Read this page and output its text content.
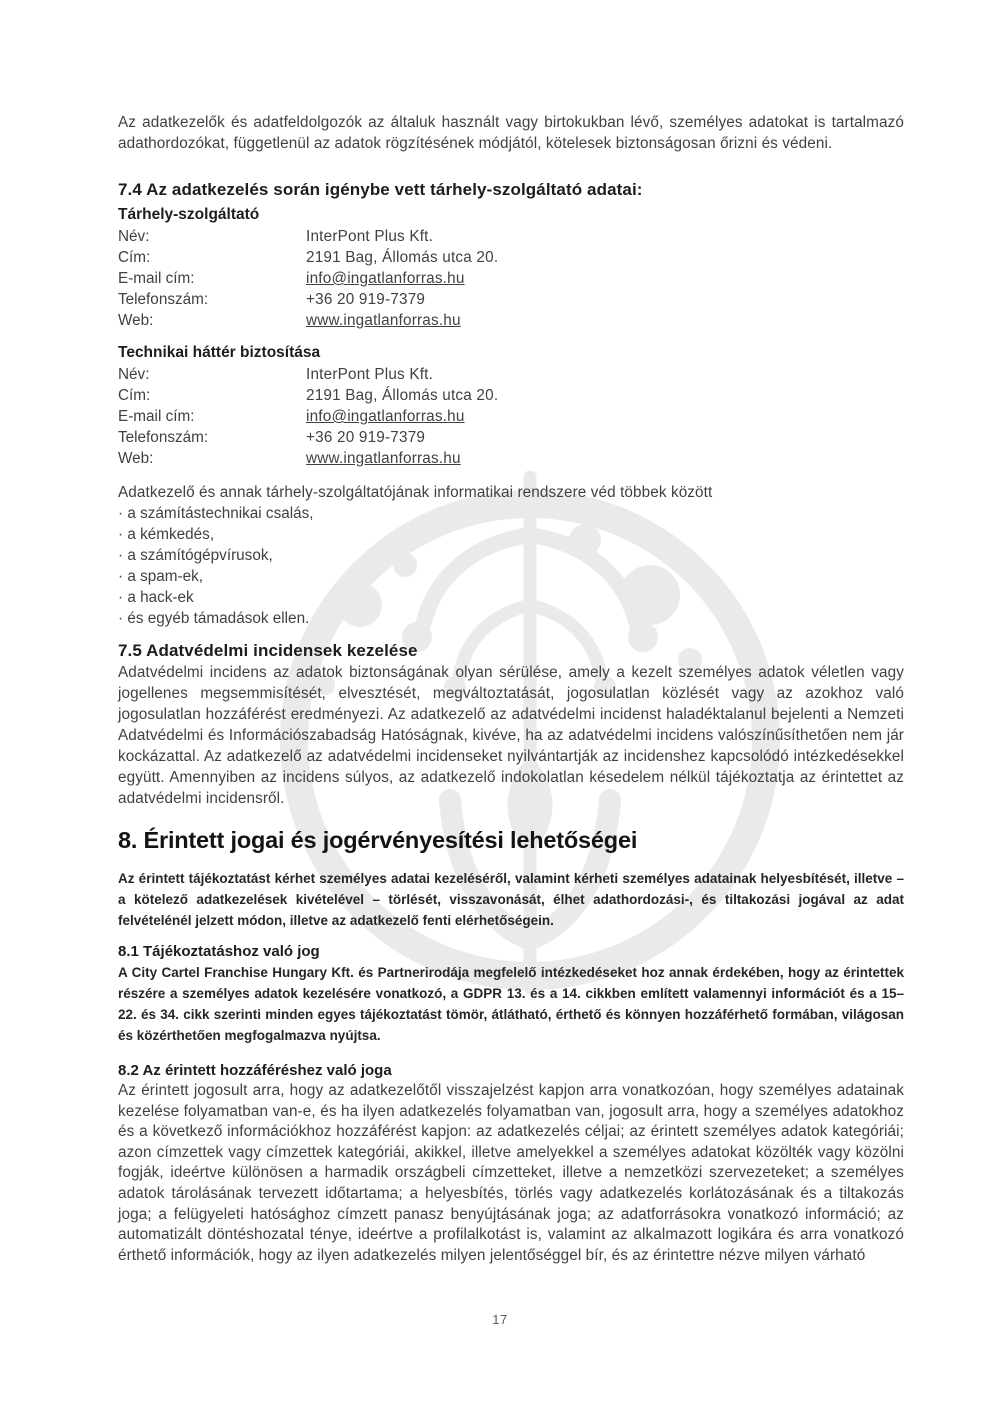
Az adatkezelők és adatfeldolgozók az általuk használt vagy birtokukban lévő, személyes adatokat is tartalmazó adathordozókat, függetlenül az adatok rögzítésének módjától, kötelesek biztonságosan őrizni és védeni.

7.4 Az adatkezelés során igénybe vett tárhely-szolgáltató adatai:
Tárhely-szolgáltató
Név:	InterPont Plus Kft.
Cím:	2191 Bag, Állomás utca 20.
E-mail cím:	info@ingatlanforras.hu
Telefonszám:	+36 20 919-7379
Web:	www.ingatlanforras.hu
Technikai háttér biztosítása
Név:	InterPont Plus Kft.
Cím:	2191 Bag, Állomás utca 20.
E-mail cím:	info@ingatlanforras.hu
Telefonszám:	+36 20 919-7379
Web:	www.ingatlanforras.hu

Adatkezelő és annak tárhely-szolgáltatójának informatikai rendszere véd többek között

· a számítástechnikai csalás,
· a kémkedés,
· a számítógépvírusok,
· a spam-ek,
· a hack-ek
· és egyéb támadások ellen.
7.5 Adatvédelmi incidensek kezelése

Adatvédelmi incidens az adatok biztonságának olyan sérülése, amely a kezelt személyes adatok véletlen vagy jogellenes megsemmisítését, elvesztését, megváltoztatását, jogosulatlan közlését vagy az azokhoz való jogosulatlan hozzáférést eredményezi. Az adatkezelő az adatvédelmi incidenst haladéktalanul bejelenti a Nemzeti Adatvédelmi és Információszabadság Hatóságnak, kivéve, ha az adatvédelmi incidens valószínűsíthetően nem jár kockázattal. Az adatkezelő az adatvédelmi incidenseket nyilvántartják az incidenshez kapcsolódó intézkedésekkel együtt. Amennyiben az incidens súlyos, az adatkezelő indokolatlan késedelem nélkül tájékoztatja az érintettet az adatvédelmi incidensről.

8. Érintett jogai és jogérvényesítési lehetőségei

Az érintett tájékoztatást kérhet személyes adatai kezeléséről, valamint kérheti személyes adatainak helyesbítését, illetve – a kötelező adatkezelések kivételével – törlését, visszavonását, élhet adathordozási-, és tiltakozási jogával az adat felvételénél jelzett módon, illetve az adatkezelő fenti elérhetőségein.

8.1 Tájékoztatáshoz való jog

A City Cartel Franchise Hungary Kft. és Partnerirodája megfelelő intézkedéseket hoz annak érdekében, hogy az érintettek részére a személyes adatok kezelésére vonatkozó, a GDPR 13. és a 14. cikkben említett valamennyi információt és a 15–22. és 34. cikk szerinti minden egyes tájékoztatást tömör, átlátható, érthető és könnyen hozzáférhető formában, világosan és közérthetően megfogalmazva nyújtsa.

8.2 Az érintett hozzáféréshez való joga

Az érintett jogosult arra, hogy az adatkezelőtől visszajelzést kapjon arra vonatkozóan, hogy személyes adatainak kezelése folyamatban van-e, és ha ilyen adatkezelés folyamatban van, jogosult arra, hogy a személyes adatokhoz és a következő információkhoz hozzáférést kapjon: az adatkezelés céljai; az érintett személyes adatok kategóriái; azon címzettek vagy címzettek kategóriái, akikkel, illetve amelyekkel a személyes adatokat közölték vagy közölni fogják, ideértve különösen a harmadik országbeli címzetteket, illetve a nemzetközi szervezeteket; a személyes adatok tárolásának tervezett időtartama; a helyesbítés, törlés vagy adatkezelés korlátozásának és a tiltakozás joga; a felügyeleti hatósághoz címzett panasz benyújtásának joga; az adatforrásokra vonatkozó információ; az automatizált döntéshozatal ténye, ideértve a profilalkotást is, valamint az alkalmazott logikára és arra vonatkozó érthető információk, hogy az ilyen adatkezelés milyen jelentőséggel bír, és az érintettre nézve milyen várható

17
